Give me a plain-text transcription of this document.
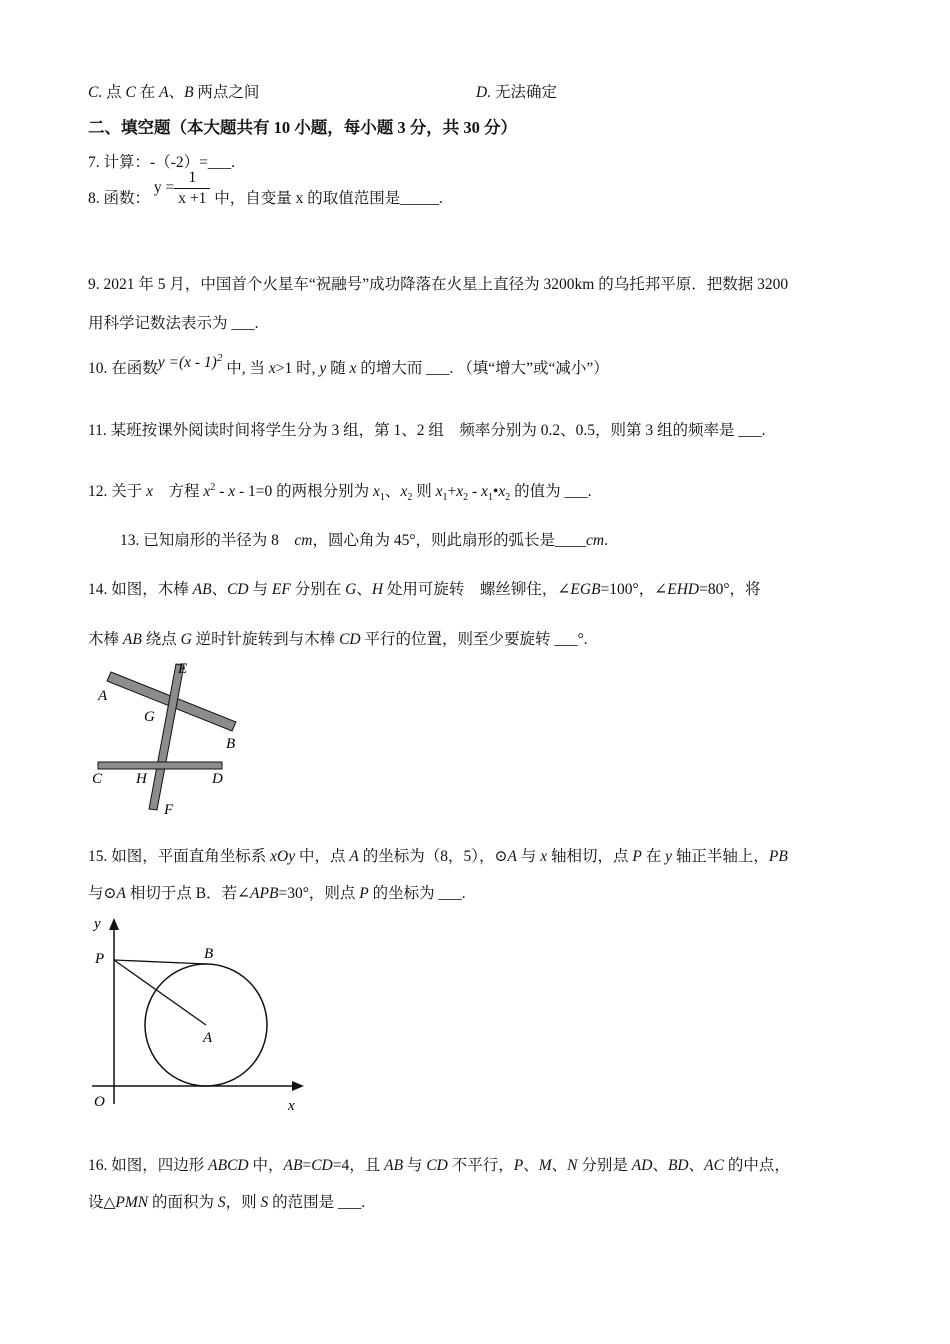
C. 点 C 在 A、B 两点之间	D. 无法确定
二、填空题（本大题共有 10 小题，每小题 3 分，共 30 分）
7. 计算：-（-2）=___.
8. 函数： $y = \frac{1}{x +1}$ 中，自变量 x 的取值范围是_____.
9. 2021 年 5 月，中国首个火星车“祝融号”成功降落在火星上直径为 3200km 的乌托邦平原．把数据 3200
用科学记数法表示为 ___.
10. 在函数y =(x - 1)$^2$ 中, 当 x>1 时, y 随 x 的增大而 ___. （填“增大”或“减小”）
11. 某班按课外阅读时间将学生分为 3 组，第 1、2 组　频率分别为 0.2、0.5，则第 3 组的频率是 ___.
12. 关于 x　方程 $x^2 - x - 1=0$ 的两根分别为 $x_1$、$x_2$ 则 $x_1+x_2$ - $x_1•x_2$ 的值为 ___.
13. 已知扇形的半径为 8　cm，圆心角为 45°，则此扇形的弧长是____cm.
14. 如图，木棒 AB、CD 与 EF 分别在 G、H 处用可旋转　螺丝铆住，∠EGB=100°，∠EHD=80°，将
木棒 AB 绕点 G 逆时针旋转到与木棒 CD 平行的位置，则至少要旋转 ___°.
A
B
C	D
E
F
G
H
15. 如图，平面直角坐标系 xOy 中，点 A 的坐标为（8，5），⊙A 与 x 轴相切，点 P 在 y 轴正半轴上，PB
与⊙A 相切于点 B．若∠APB=30°，则点 P 的坐标为 ___.
y
x
O
P	B
A
16. 如图，四边形 ABCD 中，AB=CD=4，且 AB 与 CD 不平行，P、M、N 分别是 AD、BD、AC 的中点，
设△PMN 的面积为 S，则 S 的范围是 ___.
